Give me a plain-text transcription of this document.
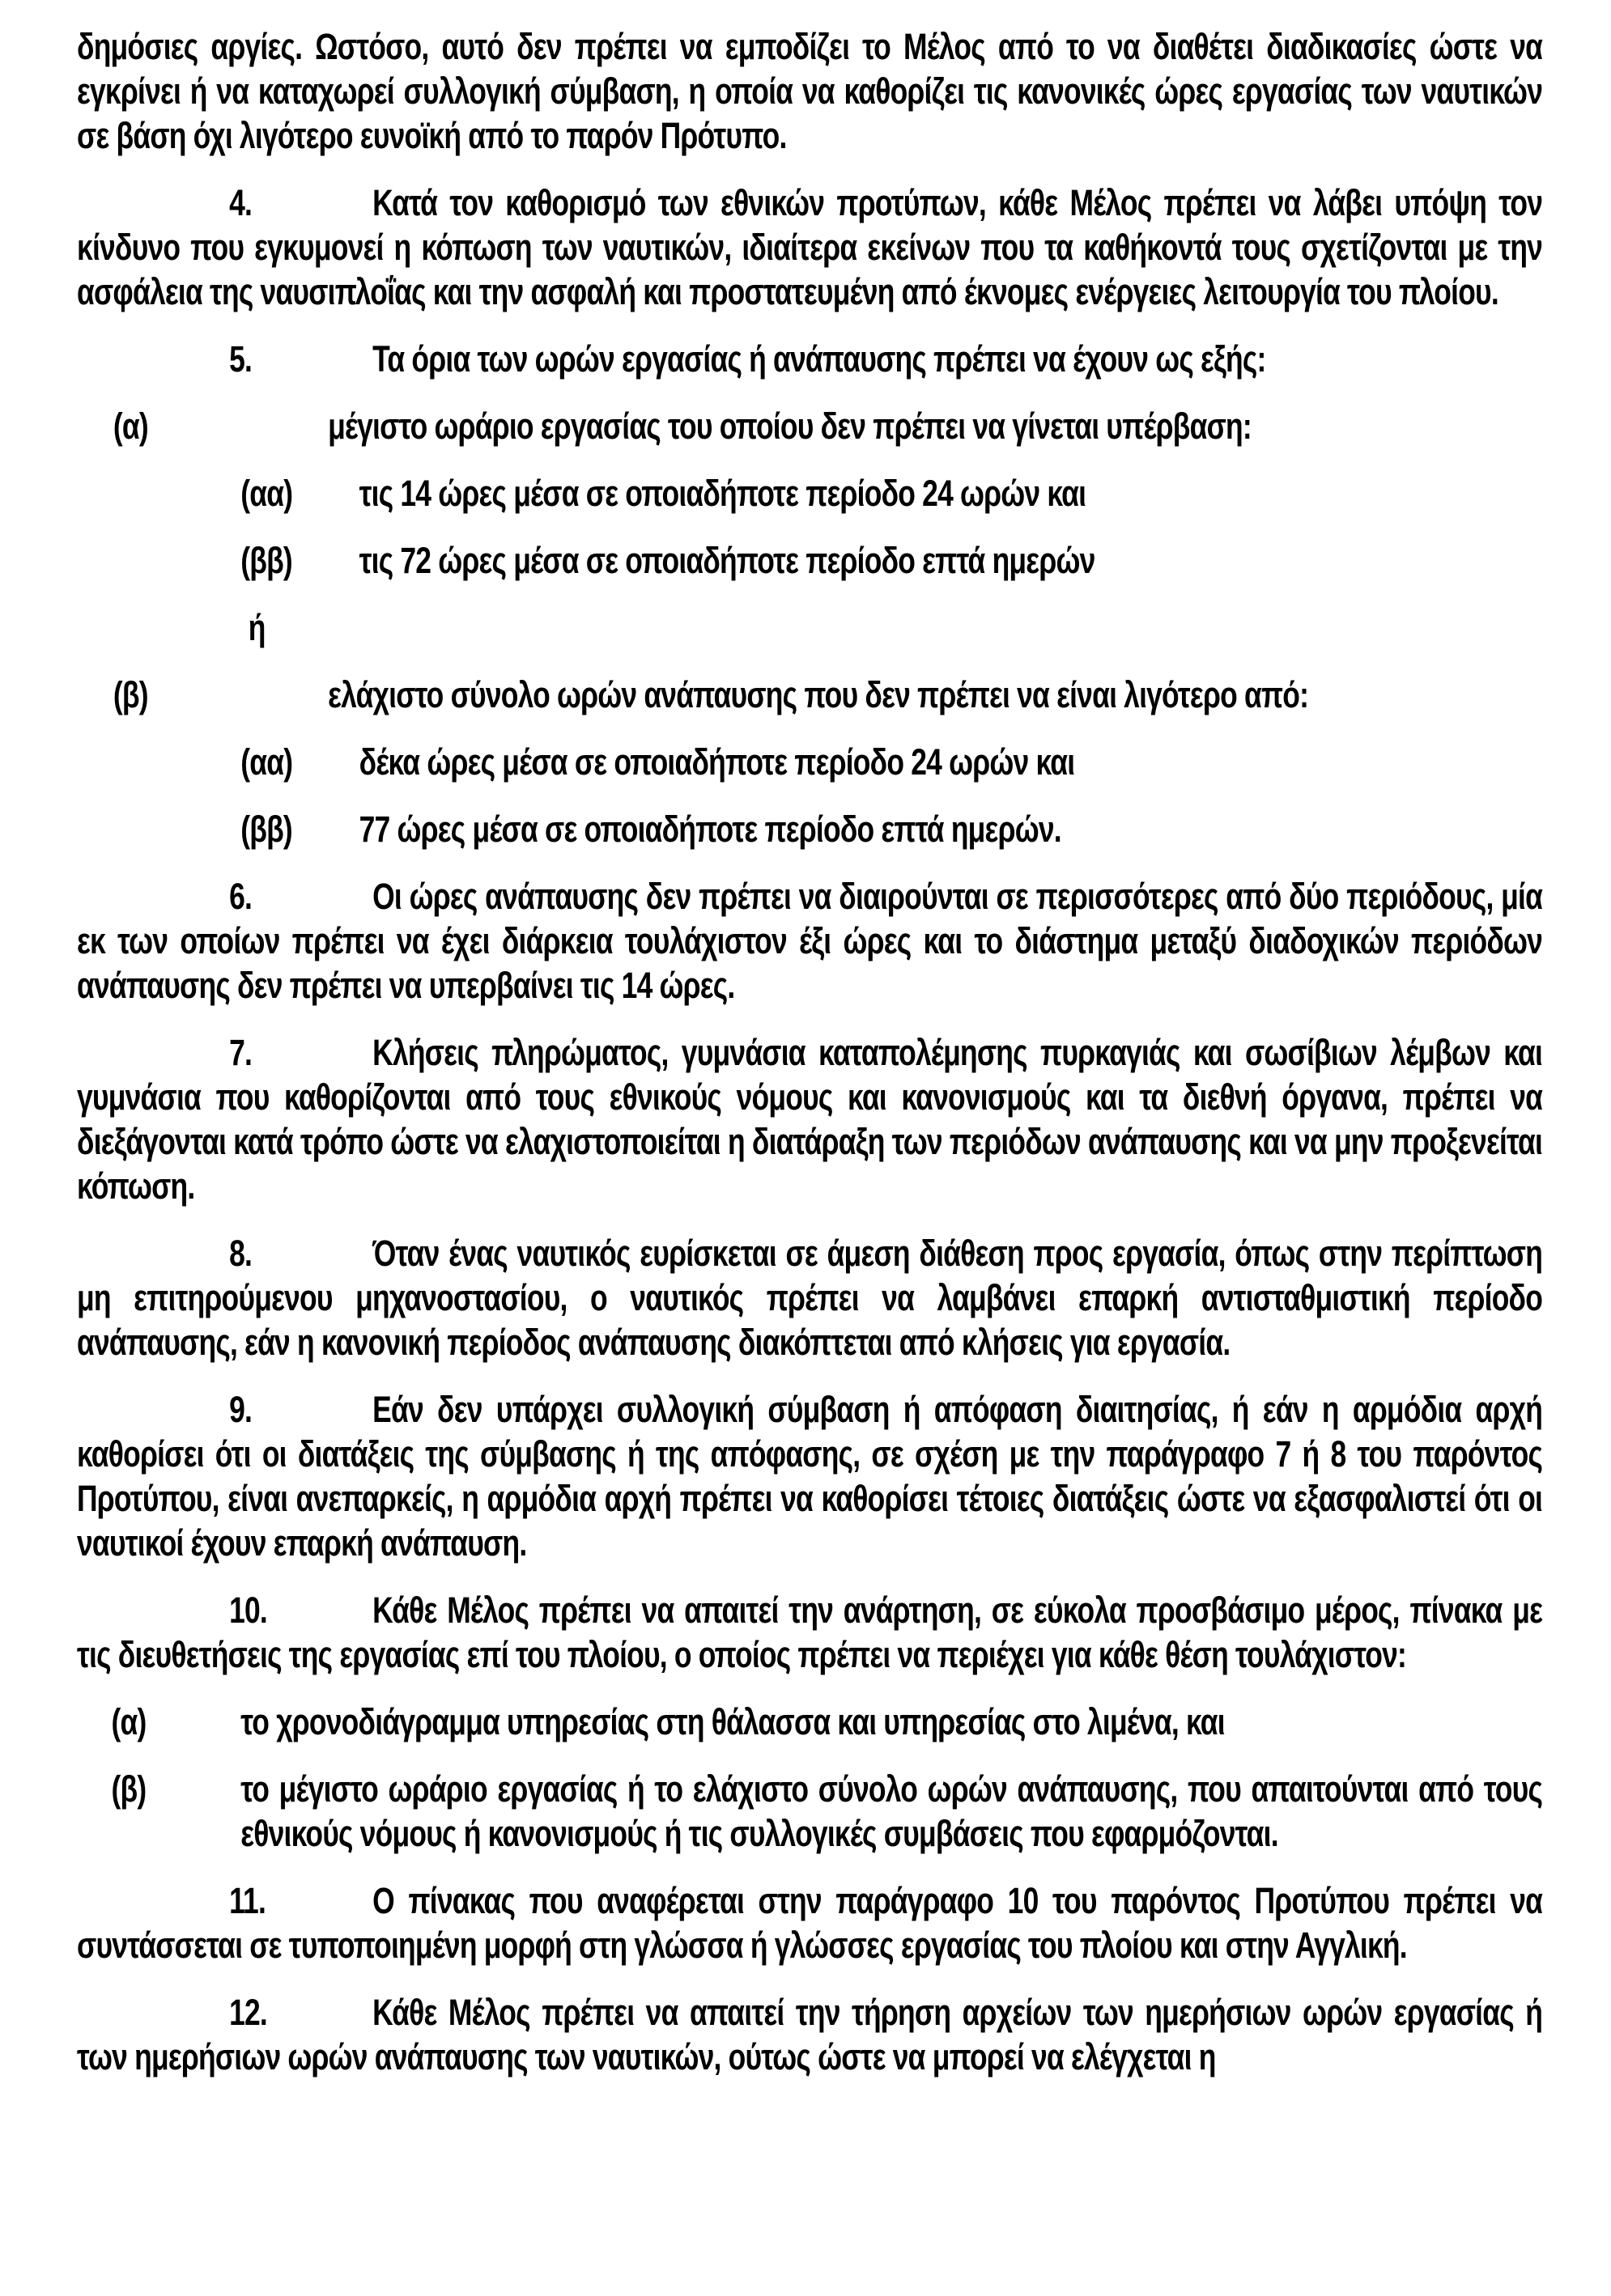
δημόσιες αργίες. Ωστόσο, αυτό δεν πρέπει να εμποδίζει το Μέλος από το να διαθέτει διαδικασίες ώστε να εγκρίνει ή να καταχωρεί συλλογική σύμβαση, η οποία να καθορίζει τις κανονικές ώρες εργασίας των ναυτικών σε βάση όχι λιγότερο ευνοϊκή από το παρόν Πρότυπο.

4.	Κατά τον καθορισμό των εθνικών προτύπων, κάθε Μέλος πρέπει να λάβει υπόψη τον κίνδυνο που εγκυμονεί η κόπωση των ναυτικών, ιδιαίτερα εκείνων που τα καθήκοντά τους σχετίζονται με την ασφάλεια της ναυσιπλοΐας και την ασφαλή και προστατευμένη από έκνομες ενέργειες λειτουργία του πλοίου.

5.	Τα όρια των ωρών εργασίας ή ανάπαυσης πρέπει να έχουν ως εξής:

(α)	μέγιστο ωράριο εργασίας του οποίου δεν πρέπει να γίνεται υπέρβαση:

(αα) τις 14 ώρες μέσα σε οποιαδήποτε περίοδο 24 ωρών και

(ββ) τις 72 ώρες μέσα σε οποιαδήποτε περίοδο επτά ημερών

ή

(β)	ελάχιστο σύνολο ωρών ανάπαυσης που δεν πρέπει να είναι λιγότερο από:

(αα) δέκα ώρες μέσα σε οποιαδήποτε περίοδο 24 ωρών και

(ββ) 77 ώρες μέσα σε οποιαδήποτε περίοδο επτά ημερών.

6.	Οι ώρες ανάπαυσης δεν πρέπει να διαιρούνται σε περισσότερες από δύο περιόδους, μία εκ των οποίων πρέπει να έχει διάρκεια τουλάχιστον έξι ώρες και το διάστημα μεταξύ διαδοχικών περιόδων ανάπαυσης δεν πρέπει να υπερβαίνει τις 14 ώρες.

7.	Κλήσεις πληρώματος, γυμνάσια καταπολέμησης πυρκαγιάς και σωσίβιων λέμβων και γυμνάσια που καθορίζονται από τους εθνικούς νόμους και κανονισμούς και τα διεθνή όργανα, πρέπει να διεξάγονται κατά τρόπο ώστε να ελαχιστοποιείται η διατάραξη των περιόδων ανάπαυσης και να μην προξενείται κόπωση.

8.	Όταν ένας ναυτικός ευρίσκεται σε άμεση διάθεση προς εργασία, όπως στην περίπτωση μη επιτηρούμενου μηχανοστασίου, ο ναυτικός πρέπει να λαμβάνει επαρκή αντισταθμιστική περίοδο ανάπαυσης, εάν η κανονική περίοδος ανάπαυσης διακόπτεται από κλήσεις για εργασία.

9.	Εάν δεν υπάρχει συλλογική σύμβαση ή απόφαση διαιτησίας, ή εάν η αρμόδια αρχή καθορίσει ότι οι διατάξεις της σύμβασης ή της απόφασης, σε σχέση με την παράγραφο 7 ή 8 του παρόντος Προτύπου, είναι ανεπαρκείς, η αρμόδια αρχή πρέπει να καθορίσει τέτοιες διατάξεις ώστε να εξασφαλιστεί ότι οι ναυτικοί έχουν επαρκή ανάπαυση.

10.	Κάθε Μέλος πρέπει να απαιτεί την ανάρτηση, σε εύκολα προσβάσιμο μέρος, πίνακα με τις διευθετήσεις της εργασίας επί του πλοίου, ο οποίος πρέπει να περιέχει για κάθε θέση τουλάχιστον:

(α)	το χρονοδιάγραμμα υπηρεσίας στη θάλασσα και υπηρεσίας στο λιμένα, και

(β)	το μέγιστο ωράριο εργασίας ή το ελάχιστο σύνολο ωρών ανάπαυσης, που απαιτούνται από τους εθνικούς νόμους ή κανονισμούς ή τις συλλογικές συμβάσεις που εφαρμόζονται.

11.	Ο πίνακας που αναφέρεται στην παράγραφο 10 του παρόντος Προτύπου πρέπει να συντάσσεται σε τυποποιημένη μορφή στη γλώσσα ή γλώσσες εργασίας του πλοίου και στην Αγγλική.

12.	Κάθε Μέλος πρέπει να απαιτεί την τήρηση αρχείων των ημερήσιων ωρών εργασίας ή των ημερήσιων ωρών ανάπαυσης των ναυτικών, ούτως ώστε να μπορεί να ελέγχεται η
